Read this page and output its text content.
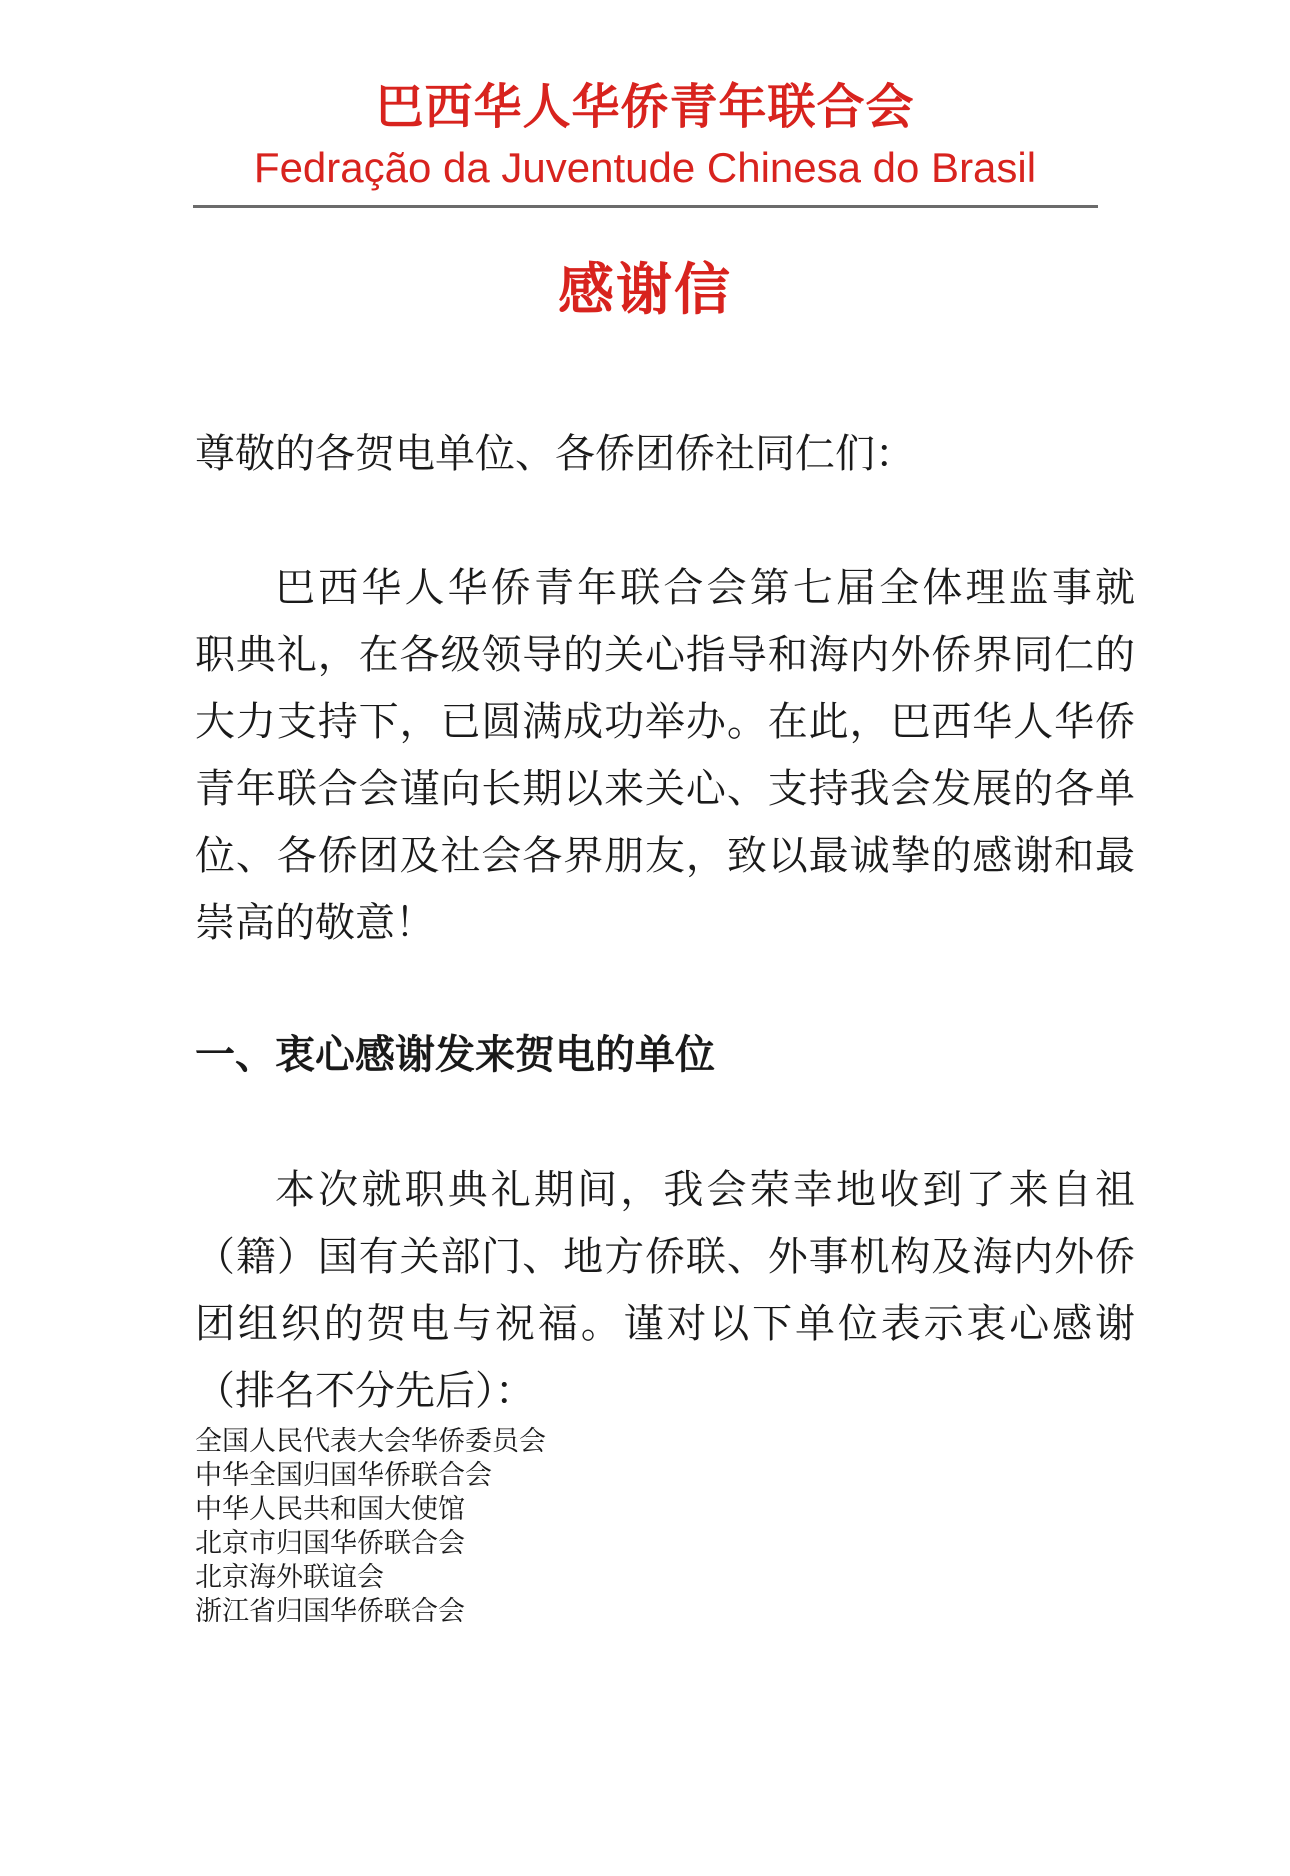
巴西华人华侨青年联合会
Fedração da Juventude Chinesa do Brasil
感谢信
尊敬的各贺电单位、各侨团侨社同仁们：
巴西华人华侨青年联合会第七届全体理监事就
职典礼，在各级领导的关心指导和海内外侨界同仁的
大力支持下，已圆满成功举办。在此，巴西华人华侨
青年联合会谨向长期以来关心、支持我会发展的各单
位、各侨团及社会各界朋友，致以最诚挚的感谢和最
崇高的敬意！
一、衷心感谢发来贺电的单位
本次就职典礼期间，我会荣幸地收到了来自祖
（籍）国有关部门、地方侨联、外事机构及海内外侨
团组织的贺电与祝福。谨对以下单位表示衷心感谢
（排名不分先后）：
全国人民代表大会华侨委员会
中华全国归国华侨联合会
中华人民共和国大使馆
北京市归国华侨联合会
北京海外联谊会
浙江省归国华侨联合会
